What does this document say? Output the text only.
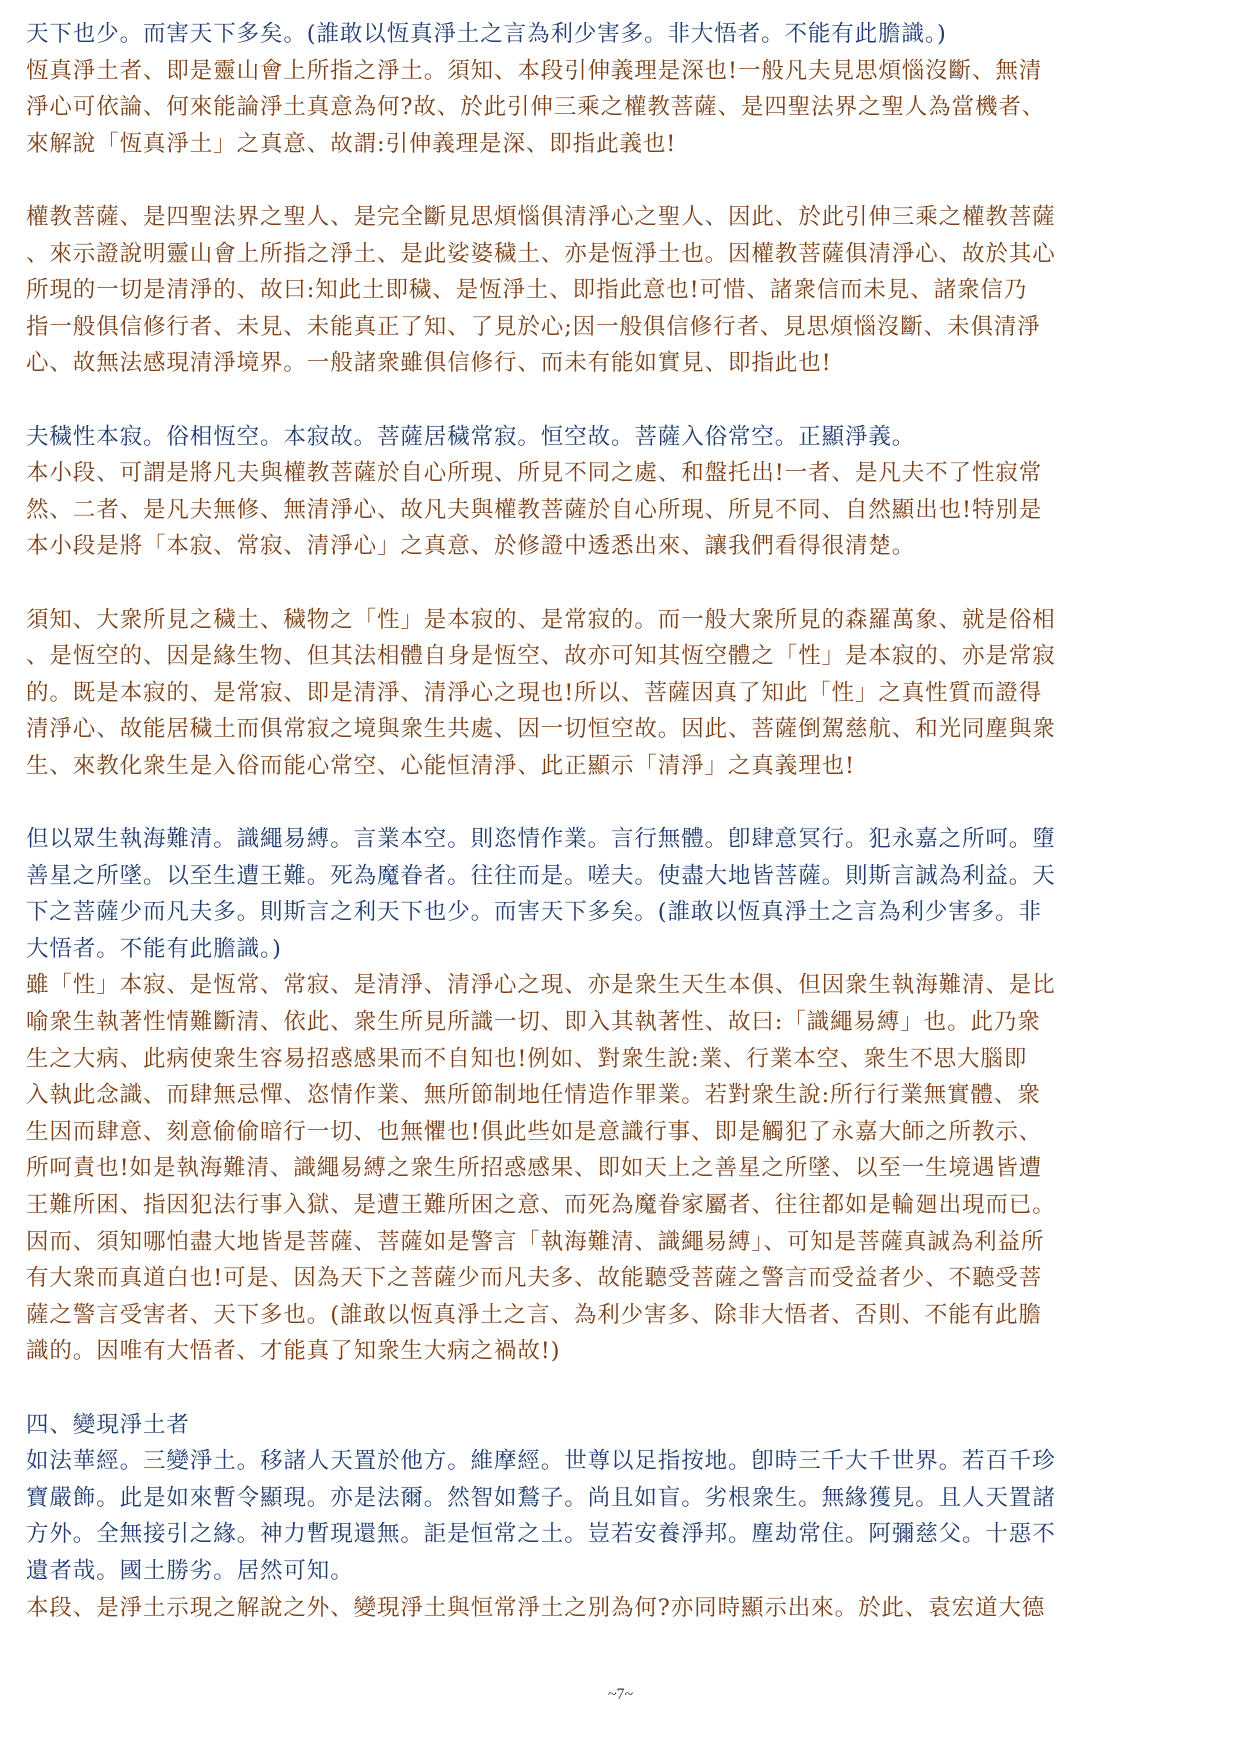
天下也少。而害天下多矣。(誰敢以恆真淨土之言為利少害多。非大悟者。不能有此膽識。)
恆真淨土者、即是靈山會上所指之淨土。須知、本段引伸義理是深也!一般凡夫見思煩惱沒斷、無清
淨心可依論、何來能論淨土真意為何?故、於此引伸三乘之權教菩薩、是四聖法界之聖人為當機者、
來解說「恆真淨土」之真意、故謂:引伸義理是深、即指此義也!
權教菩薩、是四聖法界之聖人、是完全斷見思煩惱俱清淨心之聖人、因此、於此引伸三乘之權教菩薩
、來示證說明靈山會上所指之淨土、是此娑婆穢土、亦是恆淨土也。因權教菩薩俱清淨心、故於其心
所現的一切是清淨的、故曰:知此土即穢、是恆淨土、即指此意也!可惜、諸衆信而未見、諸衆信乃
指一般俱信修行者、未見、未能真正了知、了見於心;因一般俱信修行者、見思煩惱沒斷、未俱清淨
心、故無法感現清淨境界。一般諸衆雖俱信修行、而未有能如實見、即指此也!
夫穢性本寂。俗相恆空。本寂故。菩薩居穢常寂。恒空故。菩薩入俗常空。正顯淨義。
本小段、可謂是將凡夫與權教菩薩於自心所現、所見不同之處、和盤托出!一者、是凡夫不了性寂常
然、二者、是凡夫無修、無清淨心、故凡夫與權教菩薩於自心所現、所見不同、自然顯出也!特別是
本小段是將「本寂、常寂、清淨心」之真意、於修證中透悉出來、讓我們看得很清楚。
須知、大衆所見之穢土、穢物之「性」是本寂的、是常寂的。而一般大衆所見的森羅萬象、就是俗相
、是恆空的、因是緣生物、但其法相體自身是恆空、故亦可知其恆空體之「性」是本寂的、亦是常寂
的。既是本寂的、是常寂、即是清淨、清淨心之現也!所以、菩薩因真了知此「性」之真性質而證得
清淨心、故能居穢土而俱常寂之境與衆生共處、因一切恒空故。因此、菩薩倒駕慈航、和光同塵與衆
生、來教化衆生是入俗而能心常空、心能恒清淨、此正顯示「清淨」之真義理也!
但以眾生執海難清。識繩易縛。言業本空。則恣情作業。言行無體。卽肆意冥行。犯永嘉之所呵。墮
善星之所墜。以至生遭王難。死為魔眷者。往往而是。嗟夫。使盡大地皆菩薩。則斯言誠為利益。天
下之菩薩少而凡夫多。則斯言之利天下也少。而害天下多矣。(誰敢以恆真淨土之言為利少害多。非
大悟者。不能有此膽識。)
雖「性」本寂、是恆常、常寂、是清淨、清淨心之現、亦是衆生天生本俱、但因衆生執海難清、是比
喻衆生執著性情難斷清、依此、衆生所見所識一切、即入其執著性、故曰:「識繩易縛」也。此乃衆
生之大病、此病使衆生容易招惑感果而不自知也!例如、對衆生說:業、行業本空、衆生不思大腦即
入執此念識、而肆無忌憚、恣情作業、無所節制地任情造作罪業。若對衆生說:所行行業無實體、衆
生因而肆意、刻意偷偷暗行一切、也無懼也!俱此些如是意識行事、即是觸犯了永嘉大師之所教示、
所呵責也!如是執海難清、識繩易縛之衆生所招惑感果、即如天上之善星之所墜、以至一生境遇皆遭
王難所困、指因犯法行事入獄、是遭王難所困之意、而死為魔眷家屬者、往往都如是輪廻出現而已。
因而、須知哪怕盡大地皆是菩薩、菩薩如是警言「執海難清、識繩易縛」、可知是菩薩真誠為利益所
有大衆而真道白也!可是、因為天下之菩薩少而凡夫多、故能聽受菩薩之警言而受益者少、不聽受菩
薩之警言受害者、天下多也。(誰敢以恆真淨土之言、為利少害多、除非大悟者、否則、不能有此膽
識的。因唯有大悟者、才能真了知衆生大病之禍故!)
四、變現淨土者
如法華經。三變淨土。移諸人天置於他方。維摩經。世尊以足指按地。卽時三千大千世界。若百千珍
寶嚴飾。此是如來暫令顯現。亦是法爾。然智如鶖子。尚且如盲。劣根衆生。無緣獲見。且人天置諸
方外。全無接引之緣。神力暫現還無。詎是恒常之土。豈若安養淨邦。塵劫常住。阿彌慈父。十惡不
遺者哉。國土勝劣。居然可知。
本段、是淨土示現之解說之外、變現淨土與恒常淨土之別為何?亦同時顯示出來。於此、袁宏道大德
~7~
